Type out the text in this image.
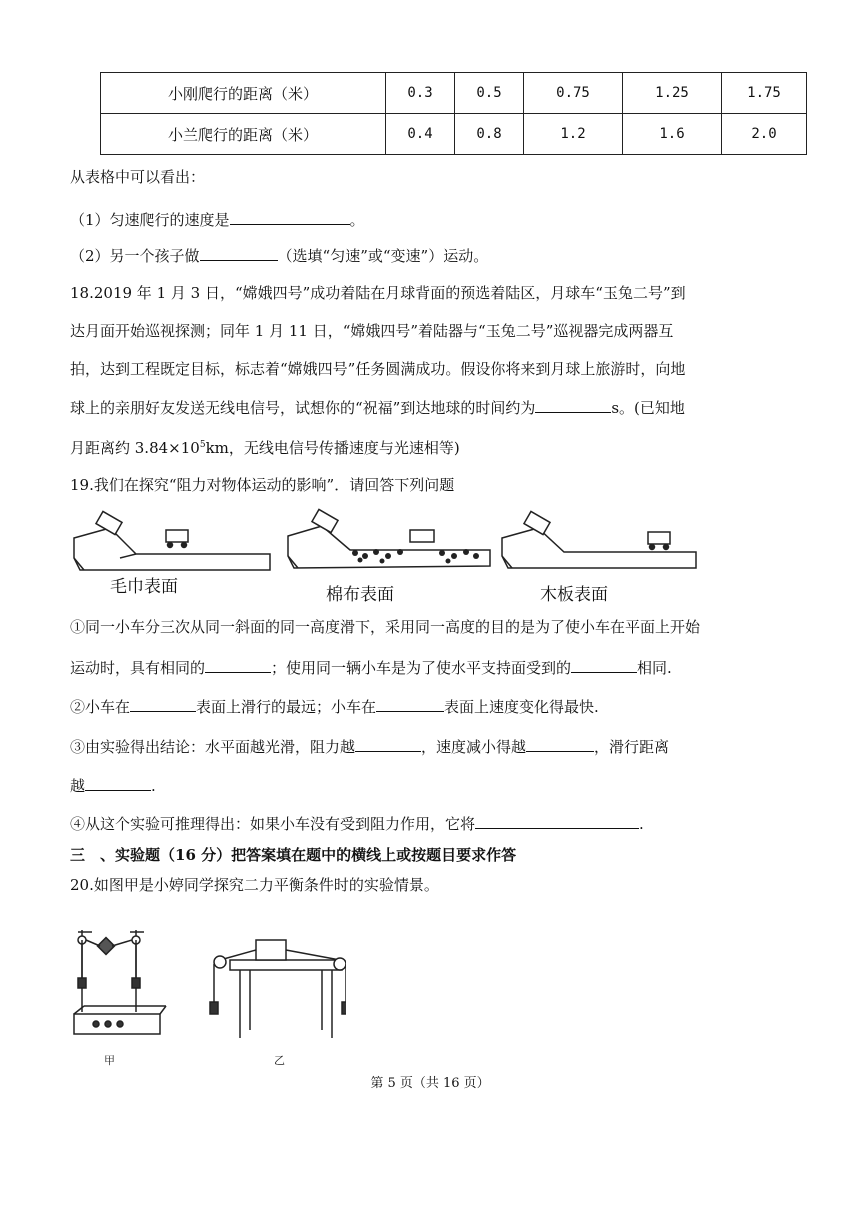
小刚爬行的距离（米）	0.3	0.5	0.75	1.25	1.75
小兰爬行的距离（米）	0.4	0.8	1.2	1.6	2.0
从表格中可以看出：
（1）匀速爬行的速度是	。
（2）另一个孩子做	（选填“匀速”或“变速”）运动。
18.2019 年 1 月 3 日，“嫦娥四号”成功着陆在月球背面的预选着陆区，月球车“玉兔二号”到
达月面开始巡视探测；同年 1 月 11 日，“嫦娥四号”着陆器与“玉兔二号”巡视器完成两器互
拍，达到工程既定目标，标志着“嫦娥四号”任务圆满成功。假设你将来到月球上旅游时，向地
球上的亲朋好友发送无线电信号，试想你的“祝福”到达地球的时间约为	s。(已知地
月距离约 $3.84\times 10^5km$，无线电信号传播速度与光速相等)
19.我们在探究“阻力对物体运动的影响”．请回答下列问题
毛巾表面	棉布表面	木板表面
①同一小车分三次从同一斜面的同一高度滑下，采用同一高度的目的是为了使小车在平面上开始
运动时，具有相同的	；使用同一辆小车是为了使水平支持面受到的	相同.
②小车在	表面上滑行的最远；小车在	表面上速度变化得最快.
③由实验得出结论：水平面越光滑，阻力越	，速度减小得越	，滑行距离
越	.
④从这个实验可推理得出：如果小车没有受到阻力作用，它将	.
三　、实验题（16 分）把答案填在题中的横线上或按题目要求作答
20.如图甲是小婷同学探究二力平衡条件时的实验情景。
甲	乙
第 5 页（共 16 页）
